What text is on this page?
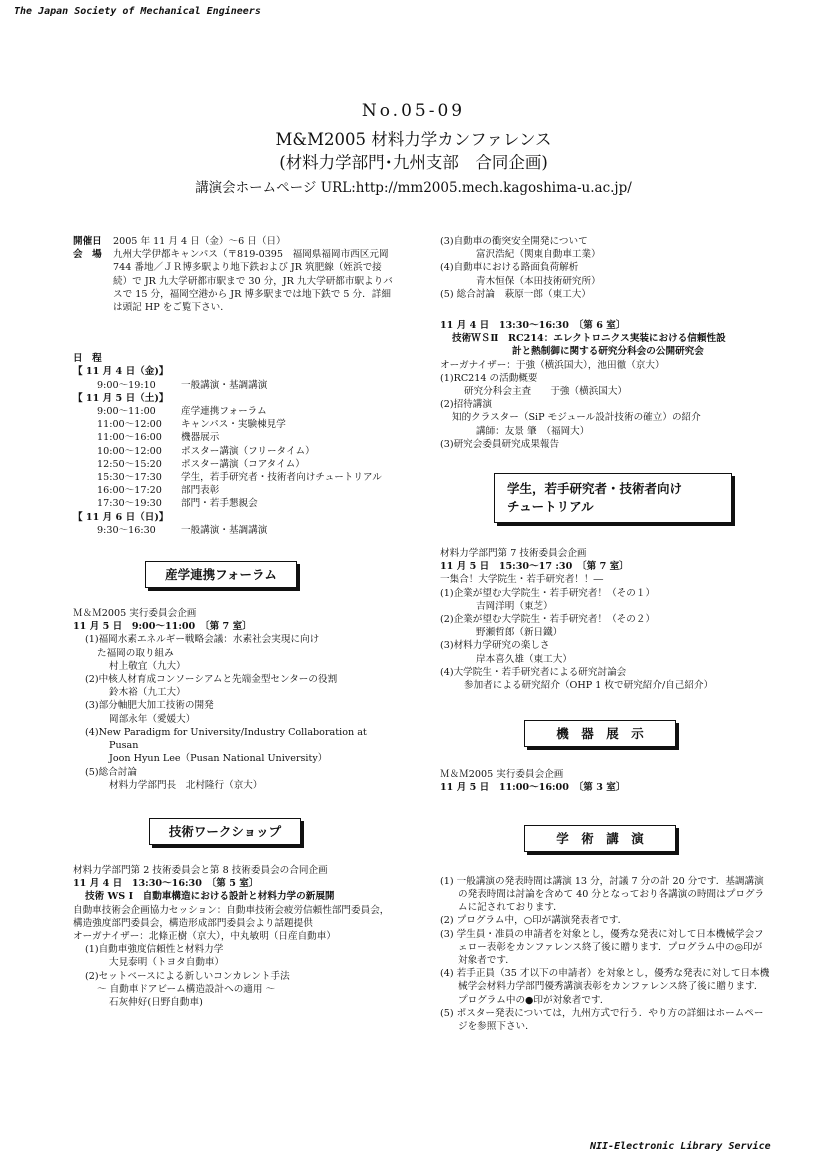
The Japan Society of Mechanical Engineers
No.05-09
M&M2005 材料力学カンファレンス
(材料力学部門･九州支部　合同企画)
講演会ホームページ URL:http://mm2005.mech.kagoshima-u.ac.jp/
開催日	2005 年 11 月 4 日（金）～6 日（日）
会　場	九州大学伊都キャンパス（〒819-0395　福岡県福岡市西区元岡 744 番地／ＪＲ博多駅より地下鉄および JR 筑肥線（姪浜で接続）で JR 九大学研都市駅まで 30 分，JR 九大学研都市駅よりバスで 15 分，福岡空港から JR 博多駅までは地下鉄で 5 分．詳細は頭記 HP をご覧下さい．
日　程
【 11 月 4 日（金)】
9:00～19:10	一般講演・基調講演
【 11 月 5 日（土)】
9:00～11:00	産学連携フォーラム
11:00～12:00	キャンパス・実験棟見学
11:00～16:00	機器展示
10:00～12:00	ポスター講演（フリータイム）
12:50～15:20	ポスター講演（コアタイム）
15:30～17:30	学生，若手研究者・技術者向けチュートリアル
16:00～17:20	部門表彰
17:30～19:30	部門・若手懇親会
【 11 月 6 日（日)】
9:30～16:30	一般講演・基調講演
産学連携フォーラム
Ｍ＆Ｍ2005 実行委員会企画
11 月 5 日　9:00～11:00　〔第 7 室〕
(1)福岡水素エネルギー戦略会議：水素社会実現に向け
た福岡の取り組み
村上敬宜（九大）
(2)中核人材育成コンソーシアムと先端金型センターの役割
鈴木裕（九工大）
(3)部分軸肥大加工技術の開発
岡部永年（愛媛大）
(4)New Paradigm for University/Industry Collaboration at
Pusan
Joon Hyun Lee（Pusan National University）
(5)総合討論
材料力学部門長　北村隆行（京大）
技術ワークショップ
材料力学部門第 2 技術委員会と第 8 技術委員会の合同企画
11 月 4 日　13:30～16:30　〔第 5 室〕
技術 WS Ⅰ　自動車構造における設計と材料力学の新展開
自動車技術会企画協力セッション：自動車技術会疲労信頼性部門委員会，構造強度部門委員会，構造形成部門委員会より話題提供
オーガナイザー：北條正樹（京大），中丸敏明（日産自動車）
(1)自動車強度信頼性と材料力学
大見泰明（トヨタ自動車）
(2)セットベースによる新しいコンカレント手法
～ 自動車ドアビーム構造設計への適用 ～
石灰伸好(日野自動車)
(3)自動車の衝突安全開発について
富沢浩紀（関東自動車工業）
(4)自動車における路面負荷解析
青木恒保（本田技術研究所）
(5) 総合討論　萩原一郎（東工大）
11 月 4 日　13:30～16:30　〔第 6 室〕
技術ＷＳⅡ　RC214：エレクトロニクス実装における信頼性設
計と熱制御に関する研究分科会の公開研究会
オーガナイザー：于強（横浜国大），池田徹（京大）
(1)RC214 の活動概要
研究分科会主査　　于強（横浜国大）
(2)招待講演
知的クラスター（SiP モジュール設計技術の確立）の紹介
講師：友景 肇　（福岡大）
(3)研究会委員研究成果報告
学生，若手研究者・技術者向け
チュートリアル
材料力学部門第 7 技術委員会企画
11 月 5 日　15:30～17 :30　〔第 7 室〕
一集合！大学院生・若手研究者！！―
(1)企業が望む大学院生・若手研究者！（その１）
吉岡洋明（東芝）
(2)企業が望む大学院生・若手研究者！（その２）
野瀬哲郎（新日鐵）
(3)材料力学研究の楽しさ
岸本喜久雄（東工大）
(4)大学院生・若手研究者による研究討論会
参加者による研究紹介（OHP 1 枚で研究紹介/自己紹介）
機　器　展　示
Ｍ＆Ｍ2005 実行委員会企画
11 月 5 日　11:00～16:00　〔第 3 室〕
学　術　講　演
(1) 一般講演の発表時間は講演 13 分，討議 7 分の計 20 分です．基調講演の発表時間は討論を含めて 40 分となっており各講演の時間はプログラムに記されております．
(2) プログラム中，○印が講演発表者です．
(3) 学生員・准員の申請者を対象とし，優秀な発表に対して日本機械学会フェロー表彰をカンファレンス終了後に贈ります．プログラム中の◎印が対象者です．
(4) 若手正員（35 才以下の申請者）を対象とし，優秀な発表に対して日本機械学会材料力学部門優秀講演表彰をカンファレンス終了後に贈ります．プログラム中の●印が対象者です．
(5) ポスター発表については，九州方式で行う．やり方の詳細はホームページを参照下さい．
NII-Electronic Library Service
